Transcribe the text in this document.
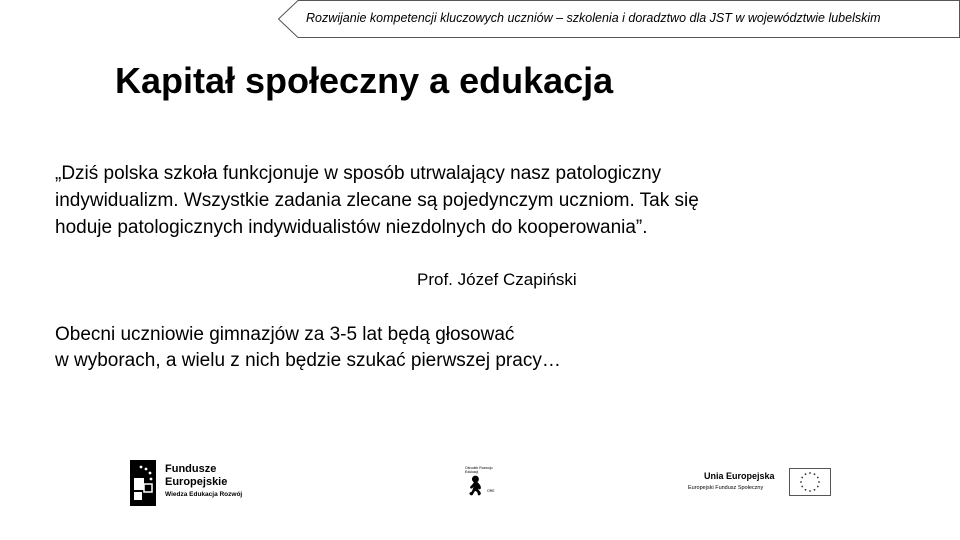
Rozwijanie kompetencji kluczowych uczniów – szkolenia i doradztwo dla JST w województwie lubelskim
Kapitał społeczny a edukacja
„Dziś polska szkoła funkcjonuje w sposób utrwalający nasz patologiczny
indywidualizm. Wszystkie zadania zlecane są pojedynczym uczniom. Tak się
hoduje patologicznych indywidualistów niezdolnych do kooperowania”.
Prof. Józef Czapiński
Obecni uczniowie gimnazjów za 3-5 lat będą głosować
w wyborach, a wielu z nich będzie szukać pierwszej pracy…
Fundusze
Europejskie
Wiedza Edukacja Rozwój
Ośrodek Rozwoju
Edukacji
🚶︎ ORE
Unia Europejska
Europejski Fundusz Społeczny
